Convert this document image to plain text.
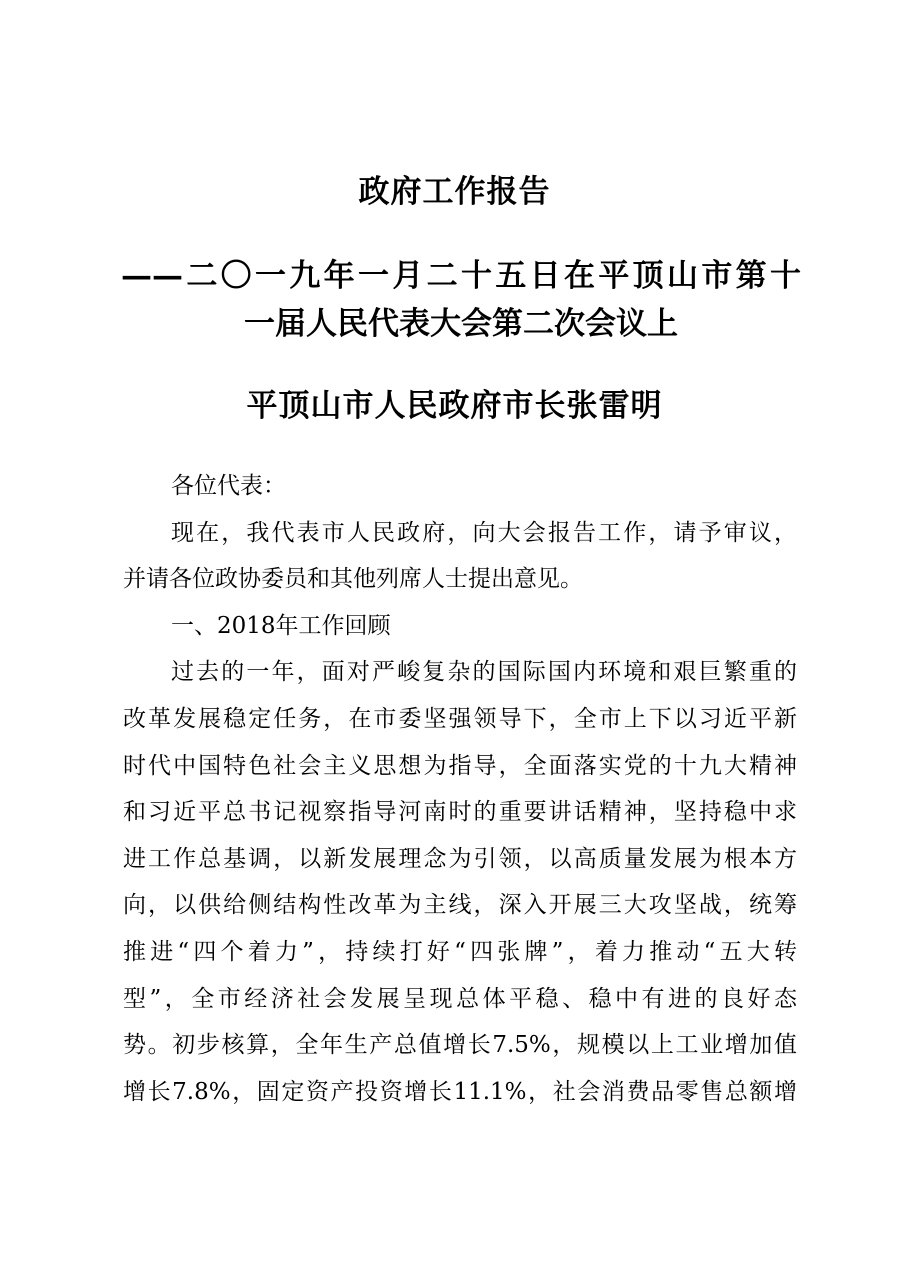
政府工作报告
——二〇一九年一月二十五日在平顶山市第十
一届人民代表大会第二次会议上
平顶山市人民政府市长张雷明

各位代表：

现在，我代表市人民政府，向大会报告工作，请予审议，

并请各位政协委员和其他列席人士提出意见。

一、2018年工作回顾

过去的一年，面对严峻复杂的国际国内环境和艰巨繁重的

改革发展稳定任务，在市委坚强领导下，全市上下以习近平新

时代中国特色社会主义思想为指导，全面落实党的十九大精神

和习近平总书记视察指导河南时的重要讲话精神，坚持稳中求

进工作总基调，以新发展理念为引领，以高质量发展为根本方

向，以供给侧结构性改革为主线，深入开展三大攻坚战，统筹

推进“四个着力”，持续打好“四张牌”，着力推动“五大转

型”，全市经济社会发展呈现总体平稳、稳中有进的良好态

势。初步核算，全年生产总值增长7.5%，规模以上工业增加值

增长7.8%，固定资产投资增长11.1%，社会消费品零售总额增
